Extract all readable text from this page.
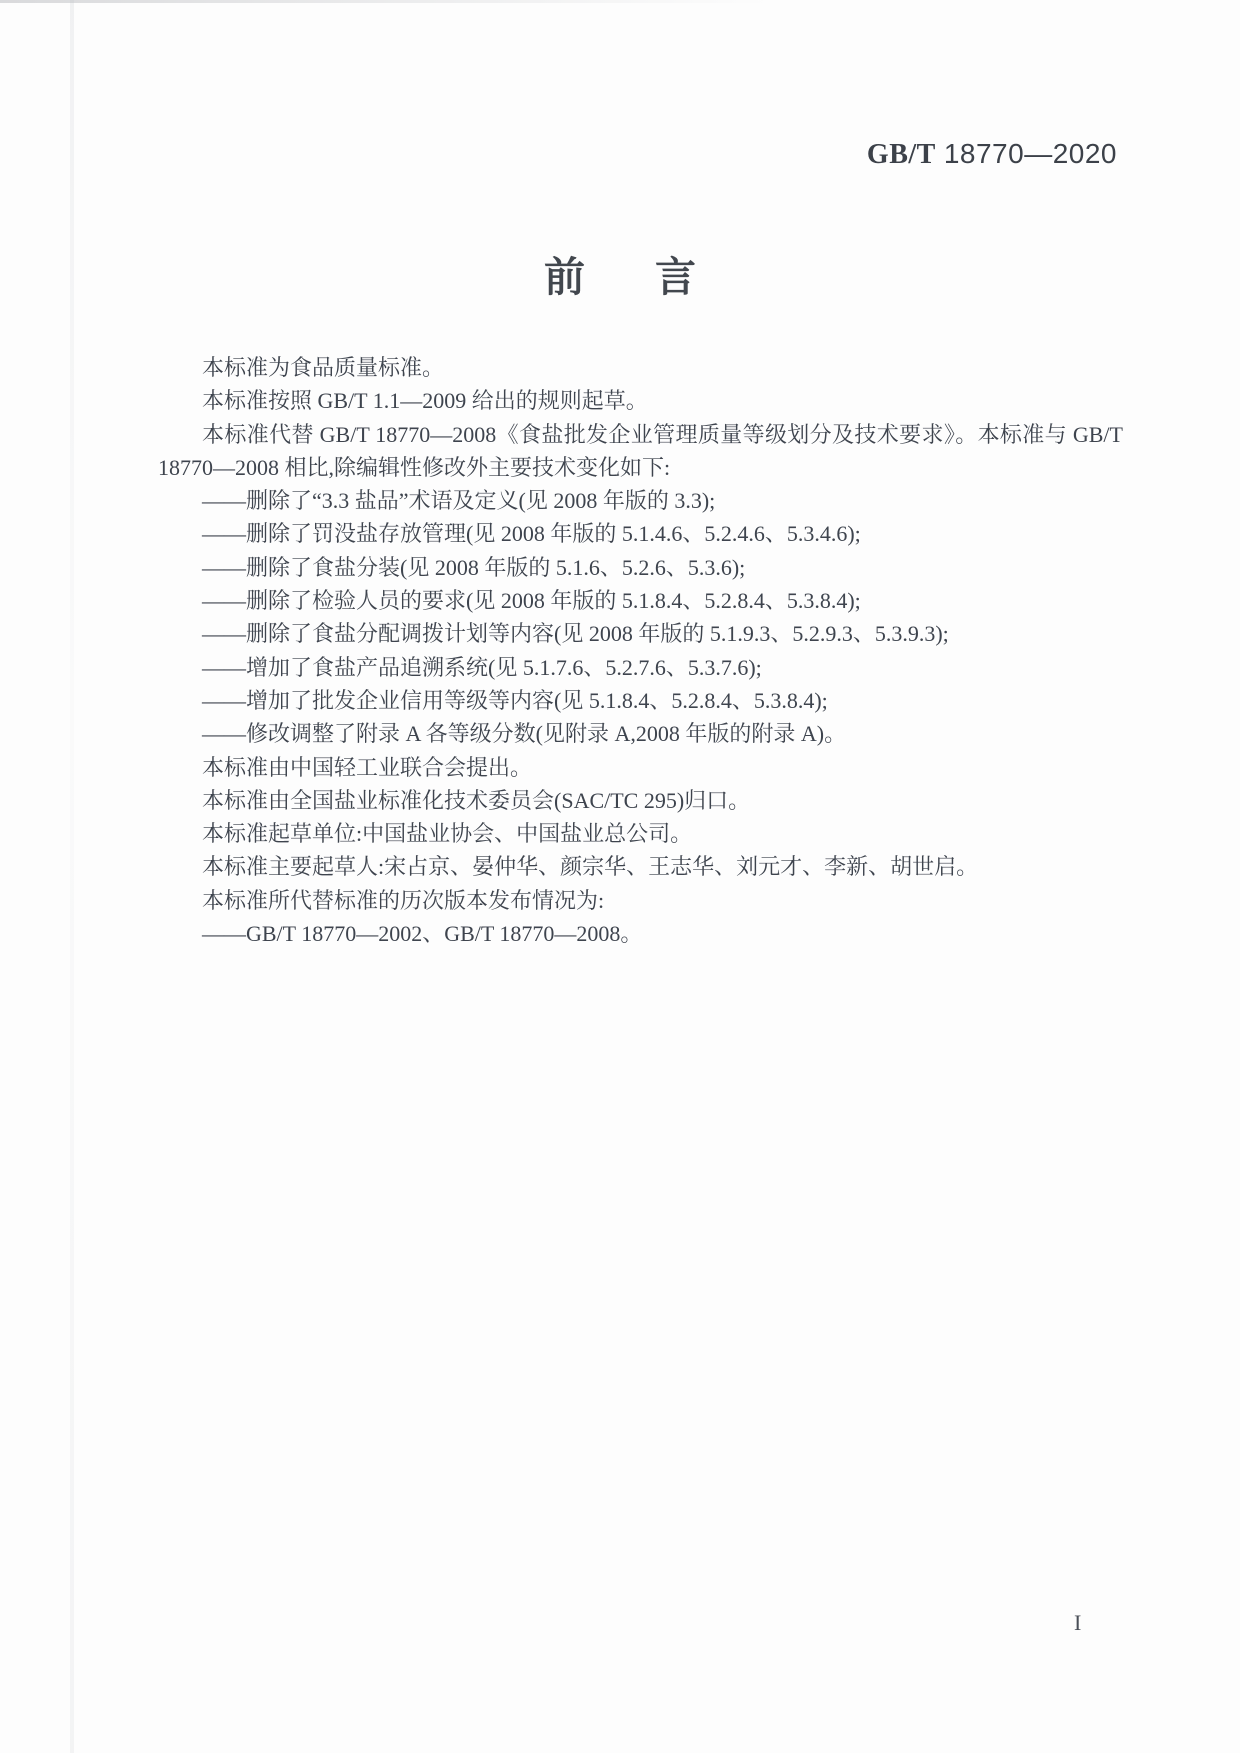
GB/T 18770—2020
前言

本标准为食品质量标准。

本标准按照 GB/T 1.1—2009 给出的规则起草。

本标准代替 GB/T 18770—2008《食盐批发企业管理质量等级划分及技术要求》。本标准与 GB/T 18770—2008 相比,除编辑性修改外主要技术变化如下:

——删除了“3.3 盐品”术语及定义(见 2008 年版的 3.3);

——删除了罚没盐存放管理(见 2008 年版的 5.1.4.6、5.2.4.6、5.3.4.6);

——删除了食盐分装(见 2008 年版的 5.1.6、5.2.6、5.3.6);

——删除了检验人员的要求(见 2008 年版的 5.1.8.4、5.2.8.4、5.3.8.4);

——删除了食盐分配调拨计划等内容(见 2008 年版的 5.1.9.3、5.2.9.3、5.3.9.3);

——增加了食盐产品追溯系统(见 5.1.7.6、5.2.7.6、5.3.7.6);

——增加了批发企业信用等级等内容(见 5.1.8.4、5.2.8.4、5.3.8.4);

——修改调整了附录 A 各等级分数(见附录 A,2008 年版的附录 A)。

本标准由中国轻工业联合会提出。

本标准由全国盐业标准化技术委员会(SAC/TC 295)归口。

本标准起草单位:中国盐业协会、中国盐业总公司。

本标准主要起草人:宋占京、晏仲华、颜宗华、王志华、刘元才、李新、胡世启。

本标准所代替标准的历次版本发布情况为:

——GB/T 18770—2002、GB/T 18770—2008。

I
